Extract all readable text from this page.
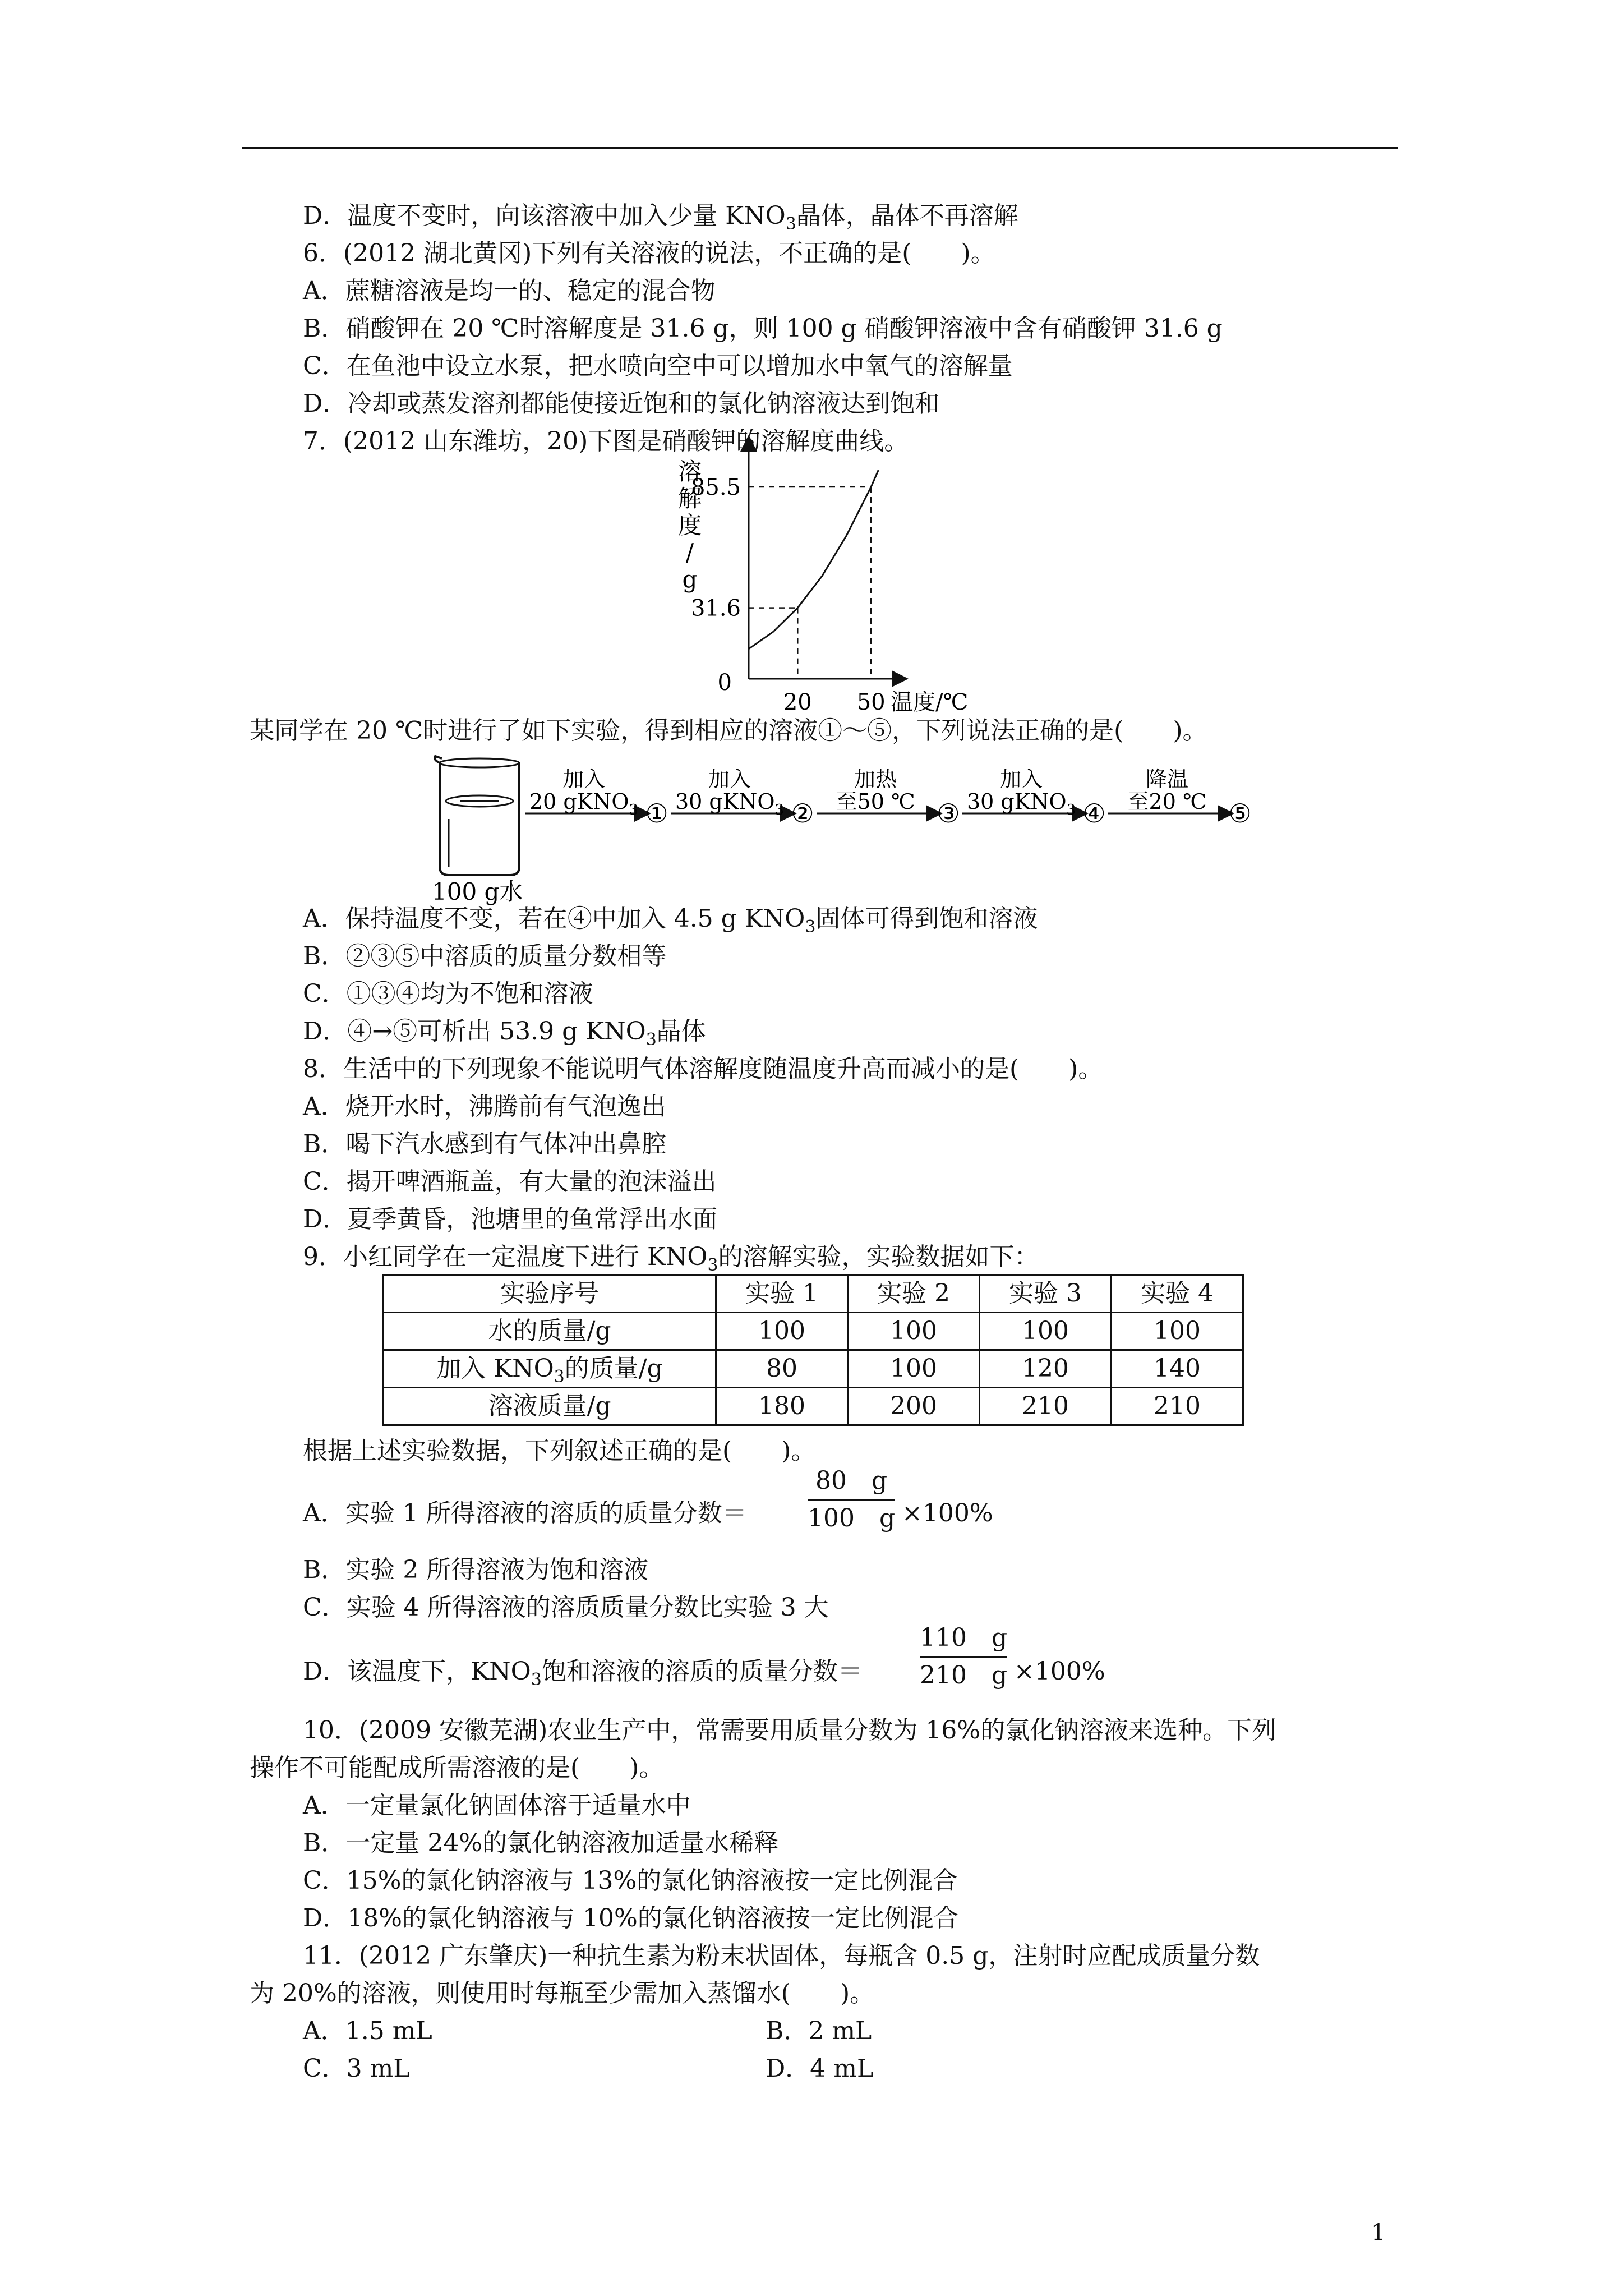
D．温度不变时，向该溶液中加入少量 $KNO_3$晶体，晶体不再溶解
6．(2012 湖北黄冈)下列有关溶液的说法，不正确的是(　　)。
A．蔗糖溶液是均一的、稳定的混合物
B．硝酸钾在 20 ℃时溶解度是 31.6 g，则 100 g 硝酸钾溶液中含有硝酸钾 31.6 g
C．在鱼池中设立水泵，把水喷向空中可以增加水中氧气的溶解量
D．冷却或蒸发溶剂都能使接近饱和的氯化钠溶液达到饱和
7．(2012 山东潍坊，20)下图是硝酸钾的溶解度曲线。
31.6
20
85.5
50
0
温度/℃
溶
解
度
/
g
某同学在 20 ℃时进行了如下实验，得到相应的溶液①～⑤，下列说法正确的是(　　)。
100 g水
加入
20 gKNO$_3$ ①
加入
30 gKNO$_3$ ②
加热
至50 ℃ ③
加入
30 gKNO$_3$ ④
降温
至20 ℃ ⑤
A．保持温度不变，若在④中加入 4.5 g $KNO_3$固体可得到饱和溶液
B．②③⑤中溶质的质量分数相等
C．①③④均为不饱和溶液
D．④→⑤可析出 53.9 g $KNO_3$晶体
8．生活中的下列现象不能说明气体溶解度随温度升高而减小的是(　　)。
A．烧开水时，沸腾前有气泡逸出
B．喝下汽水感到有气体冲出鼻腔
C．揭开啤酒瓶盖，有大量的泡沫溢出
D．夏季黄昏，池塘里的鱼常浮出水面
9．小红同学在一定温度下进行 $KNO_3$的溶解实验，实验数据如下：
实验序号	实验 1	实验 2	实验 3	实验 4
水的质量/g	100	100	100	100
加入 $KNO_3$的质量/g	80	100	120	140
溶液质量/g	180	200	210	210
根据上述实验数据，下列叙述正确的是(　　)。
A．实验 1 所得溶液的溶质的质量分数＝
80　g
100　g ×100%
B．实验 2 所得溶液为饱和溶液
C．实验 4 所得溶液的溶质质量分数比实验 3 大
D．该温度下，$KNO_3$饱和溶液的溶质的质量分数＝
110　g
210　g ×100%
10．(2009 安徽芜湖)农业生产中，常需要用质量分数为 16%的氯化钠溶液来选种。下列
操作不可能配成所需溶液的是(　　)。
A．一定量氯化钠固体溶于适量水中
B．一定量 24%的氯化钠溶液加适量水稀释
C．15%的氯化钠溶液与 13%的氯化钠溶液按一定比例混合
D．18%的氯化钠溶液与 10%的氯化钠溶液按一定比例混合
11．(2012 广东肇庆)一种抗生素为粉末状固体，每瓶含 0.5 g，注射时应配成质量分数
为 20%的溶液，则使用时每瓶至少需加入蒸馏水(　　)。
A．1.5 mL	B．2 mL
C．3 mL	D．4 mL
1
